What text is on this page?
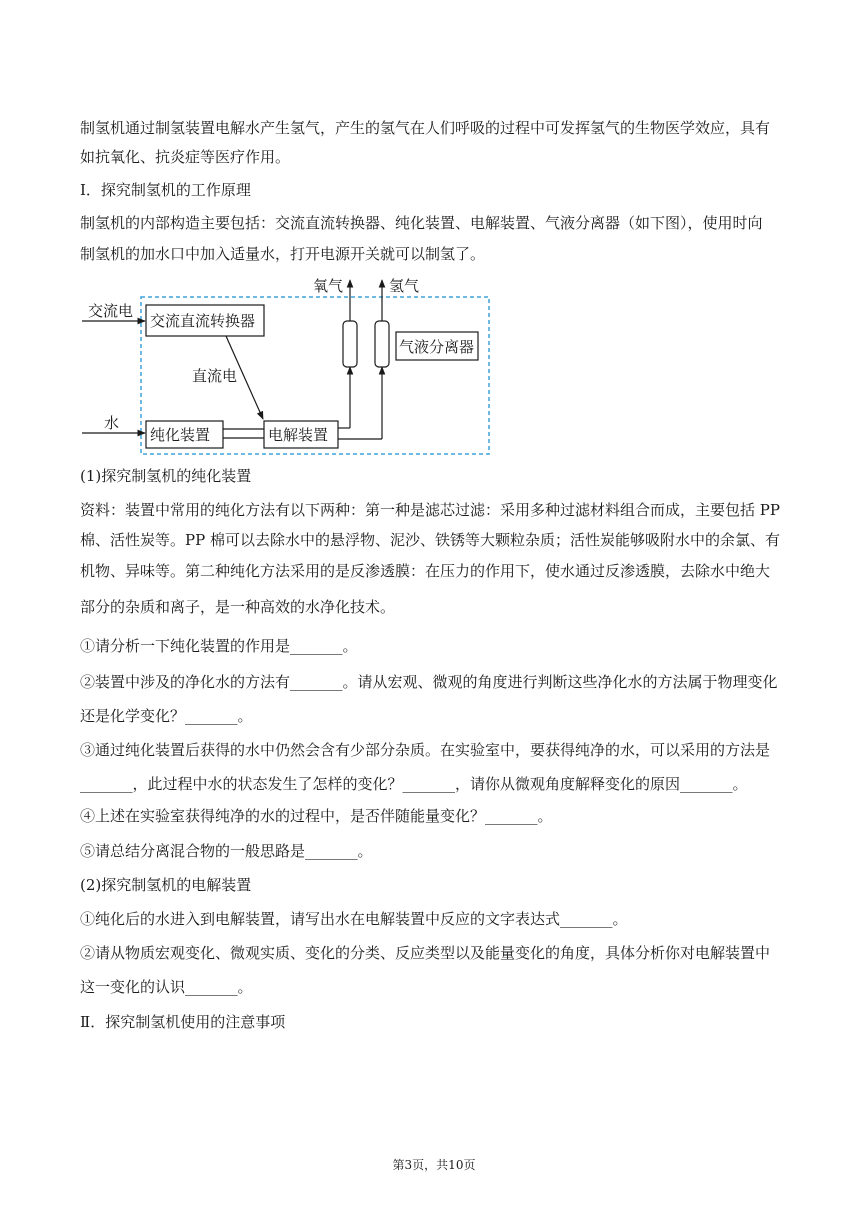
制氢机通过制氢装置电解水产生氢气，产生的氢气在人们呼吸的过程中可发挥氢气的生物医学效应，具有
如抗氧化、抗炎症等医疗作用。
Ⅰ．探究制氢机的工作原理
制氢机的内部构造主要包括：交流直流转换器、纯化装置、电解装置、气液分离器（如下图），使用时向
制氢机的加水口中加入适量水，打开电源开关就可以制氢了。
交流电
交流直流转换器
直流电
水
纯化装置	电解装置
氧气	氢气
气液分离器
(1)探究制氢机的纯化装置
资料：装置中常用的纯化方法有以下两种：第一种是滤芯过滤：采用多种过滤材料组合而成，主要包括 PP
棉、活性炭等。PP 棉可以去除水中的悬浮物、泥沙、铁锈等大颗粒杂质；活性炭能够吸附水中的余氯、有
机物、异味等。第二种纯化方法采用的是反渗透膜：在压力的作用下，使水通过反渗透膜，去除水中绝大
部分的杂质和离子，是一种高效的水净化技术。
①请分析一下纯化装置的作用是_______。
②装置中涉及的净化水的方法有_______。请从宏观、微观的角度进行判断这些净化水的方法属于物理变化
还是化学变化？_______。
③通过纯化装置后获得的水中仍然会含有少部分杂质。在实验室中，要获得纯净的水，可以采用的方法是
_______，此过程中水的状态发生了怎样的变化？_______，请你从微观角度解释变化的原因_______。
④上述在实验室获得纯净的水的过程中，是否伴随能量变化？_______。
⑤请总结分离混合物的一般思路是_______。
(2)探究制氢机的电解装置
①纯化后的水进入到电解装置，请写出水在电解装置中反应的文字表达式_______。
②请从物质宏观变化、微观实质、变化的分类、反应类型以及能量变化的角度，具体分析你对电解装置中
这一变化的认识_______。
Ⅱ．探究制氢机使用的注意事项
第3页，共10页
